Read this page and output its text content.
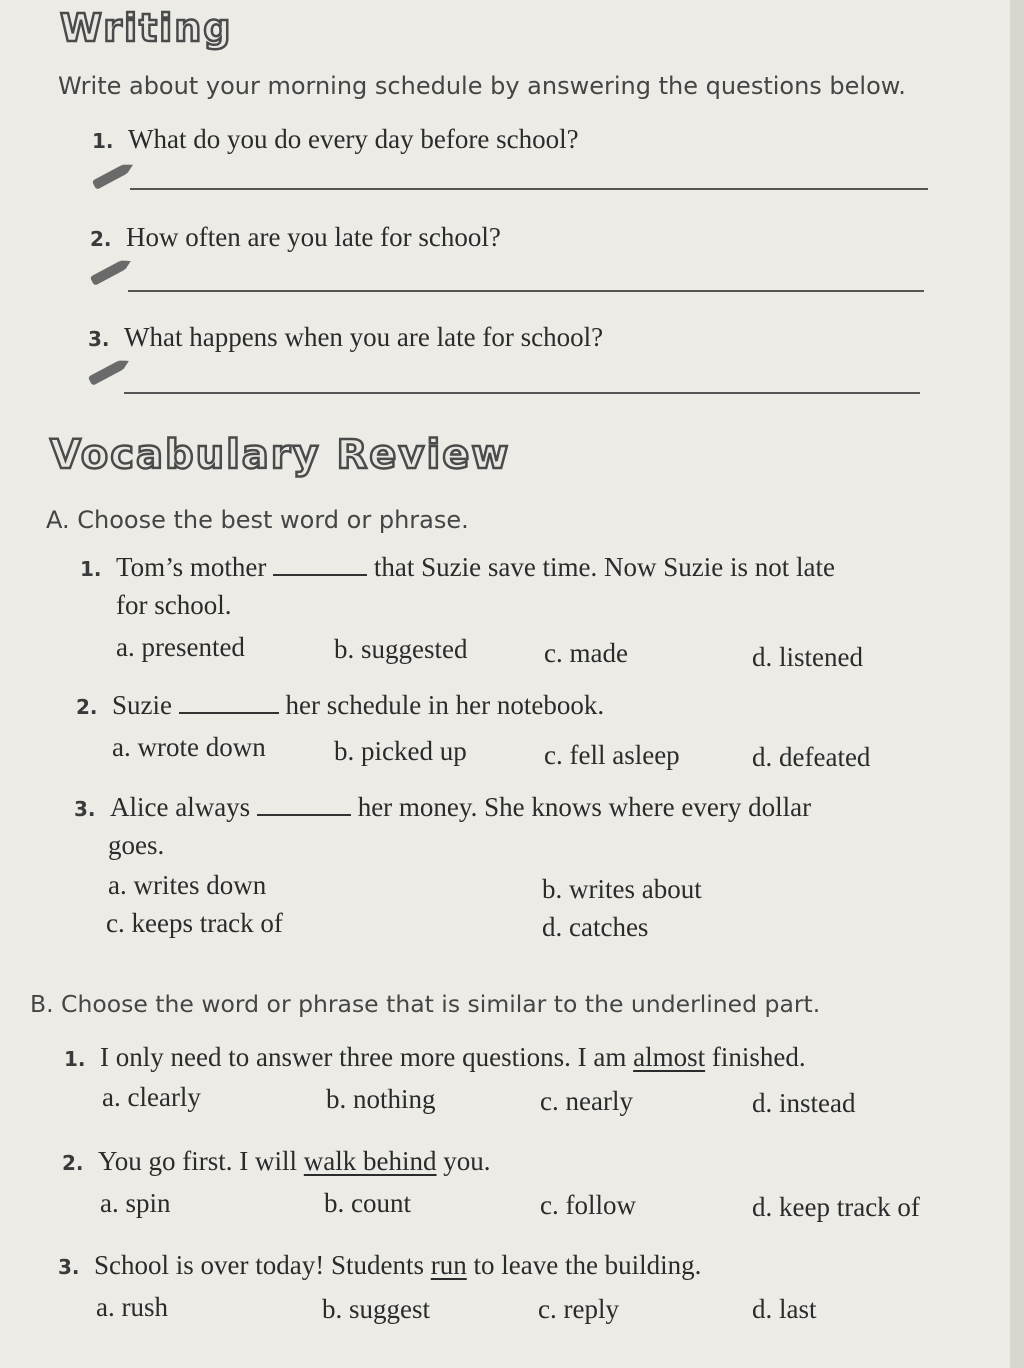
Writing
Write about your morning schedule by answering the questions below.
1. What do you do every day before school?
2. How often are you late for school?
3. What happens when you are late for school?
Vocabulary Review
A. Choose the best word or phrase.
1. Tom’s mother	that Suzie save time. Now Suzie is not late
for school.
a. presented	b. suggested	c. made	d. listened
2. Suzie	her schedule in her notebook.
a. wrote down	b. picked up	c. fell asleep	d. defeated
3. Alice always	her money. She knows where every dollar
goes.
a. writes down	b. writes about
c. keeps track of	d. catches
B. Choose the word or phrase that is similar to the underlined part.
1. I only need to answer three more questions. I am almost finished.
a. clearly	b. nothing	c. nearly	d. instead
2. You go first. I will walk behind you.
a. spin	b. count	c. follow	d. keep track of
3. School is over today! Students run to leave the building.
a. rush	b. suggest	c. reply	d. last
